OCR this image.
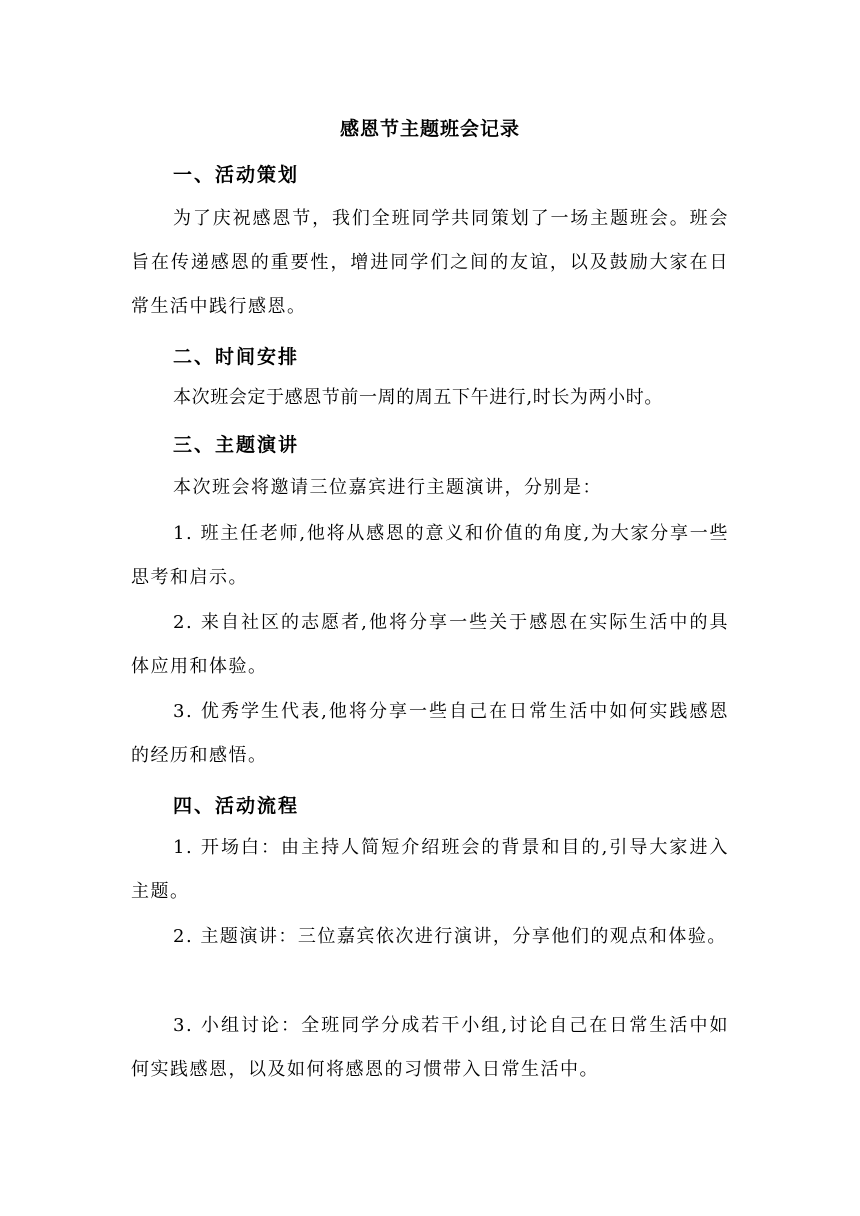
感恩节主题班会记录
一、活动策划
为了庆祝感恩节，我们全班同学共同策划了一场主题班会。班会旨在传递感恩的重要性，增进同学们之间的友谊，以及鼓励大家在日常生活中践行感恩。
二、时间安排
本次班会定于感恩节前一周的周五下午进行,时长为两小时。
三、主题演讲
本次班会将邀请三位嘉宾进行主题演讲，分别是：
1. 班主任老师,他将从感恩的意义和价值的角度,为大家分享一些思考和启示。
2. 来自社区的志愿者,他将分享一些关于感恩在实际生活中的具体应用和体验。
3. 优秀学生代表,他将分享一些自己在日常生活中如何实践感恩的经历和感悟。
四、活动流程
1. 开场白：由主持人简短介绍班会的背景和目的,引导大家进入主题。
2. 主题演讲：三位嘉宾依次进行演讲，分享他们的观点和体验。
3. 小组讨论：全班同学分成若干小组,讨论自己在日常生活中如何实践感恩，以及如何将感恩的习惯带入日常生活中。
